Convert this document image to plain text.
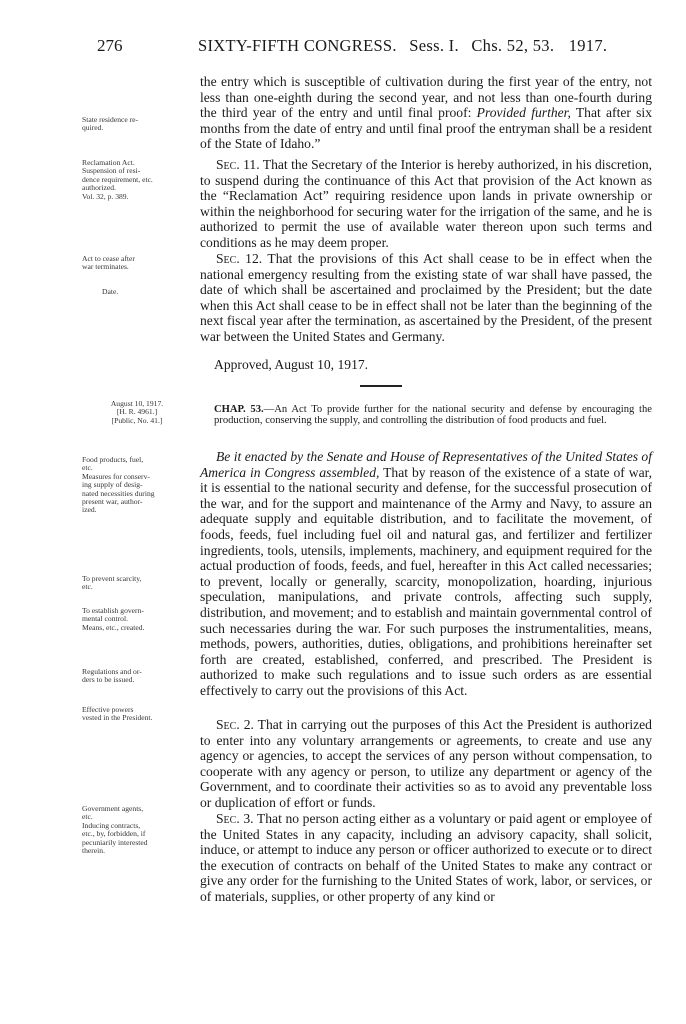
276	SIXTY-FIFTH CONGRESS. Sess. I. Chs. 52, 53. 1917.

the entry which is susceptible of cultivation during the first year of the entry, not less than one-eighth during the second year, and not less than one-fourth during the third year of the entry and until final proof: Provided further, That after six months from the date of entry and until final proof the entryman shall be a resident of the State of Idaho.”

Sec. 11. That the Secretary of the Interior is hereby authorized, in his discretion, to suspend during the continuance of this Act that provision of the Act known as the “Reclamation Act” requiring residence upon lands in private ownership or within the neighborhood for securing water for the irrigation of the same, and he is authorized to permit the use of available water thereon upon such terms and conditions as he may deem proper.

Sec. 12. That the provisions of this Act shall cease to be in effect when the national emergency resulting from the existing state of war shall have passed, the date of which shall be ascertained and proclaimed by the President; but the date when this Act shall cease to be in effect shall not be later than the beginning of the next fiscal year after the termination, as ascertained by the President, of the present war between the United States and Germany.

Approved, August 10, 1917.
CHAP. 53.—An Act To provide further for the national security and defense by encouraging the production, conserving the supply, and controlling the distribution of food products and fuel.

Be it enacted by the Senate and House of Representatives of the United States of America in Congress assembled, That by reason of the existence of a state of war, it is essential to the national security and defense, for the successful prosecution of the war, and for the support and maintenance of the Army and Navy, to assure an adequate supply and equitable distribution, and to facilitate the movement, of foods, feeds, fuel including fuel oil and natural gas, and fertilizer and fertilizer ingredients, tools, utensils, implements, machinery, and equipment required for the actual production of foods, feeds, and fuel, hereafter in this Act called necessaries; to prevent, locally or generally, scarcity, monopolization, hoarding, injurious speculation, manipulations, and private controls, affecting such supply, distribution, and movement; and to establish and maintain governmental control of such necessaries during the war. For such purposes the instrumentalities, means, methods, powers, authorities, duties, obligations, and prohibitions hereinafter set forth are created, established, conferred, and prescribed. The President is authorized to make such regulations and to issue such orders as are essential effectively to carry out the provisions of this Act.

Sec. 2. That in carrying out the purposes of this Act the President is authorized to enter into any voluntary arrangements or agreements, to create and use any agency or agencies, to accept the services of any person without compensation, to cooperate with any agency or person, to utilize any department or agency of the Government, and to coordinate their activities so as to avoid any preventable loss or duplication of effort or funds.

Sec. 3. That no person acting either as a voluntary or paid agent or employee of the United States in any capacity, including an advisory capacity, shall solicit, induce, or attempt to induce any person or officer authorized to execute or to direct the execution of contracts on behalf of the United States to make any contract or give any order for the furnishing to the United States of work, labor, or services, or of materials, supplies, or other property of any kind or

State residence re-
quired.
Reclamation Act.
Suspension of resi-
dence requirement, etc.
authorized.
Vol. 32, p. 389.
Act to cease after
war terminates.
Date.
August 10, 1917.
[H. R. 4961.]
[Public, No. 41.]
Food products, fuel,
etc.
Measures for conserv-
ing supply of desig-
nated necessities during
present war, author-
ized.
To prevent scarcity,
etc.
To establish govern-
mental control.
Means, etc., created.
Regulations and or-
ders to be issued.
Effective powers
vested in the President.
Government agents,
etc.
Inducing contracts,
etc., by, forbidden, if
pecuniarily interested
therein.
